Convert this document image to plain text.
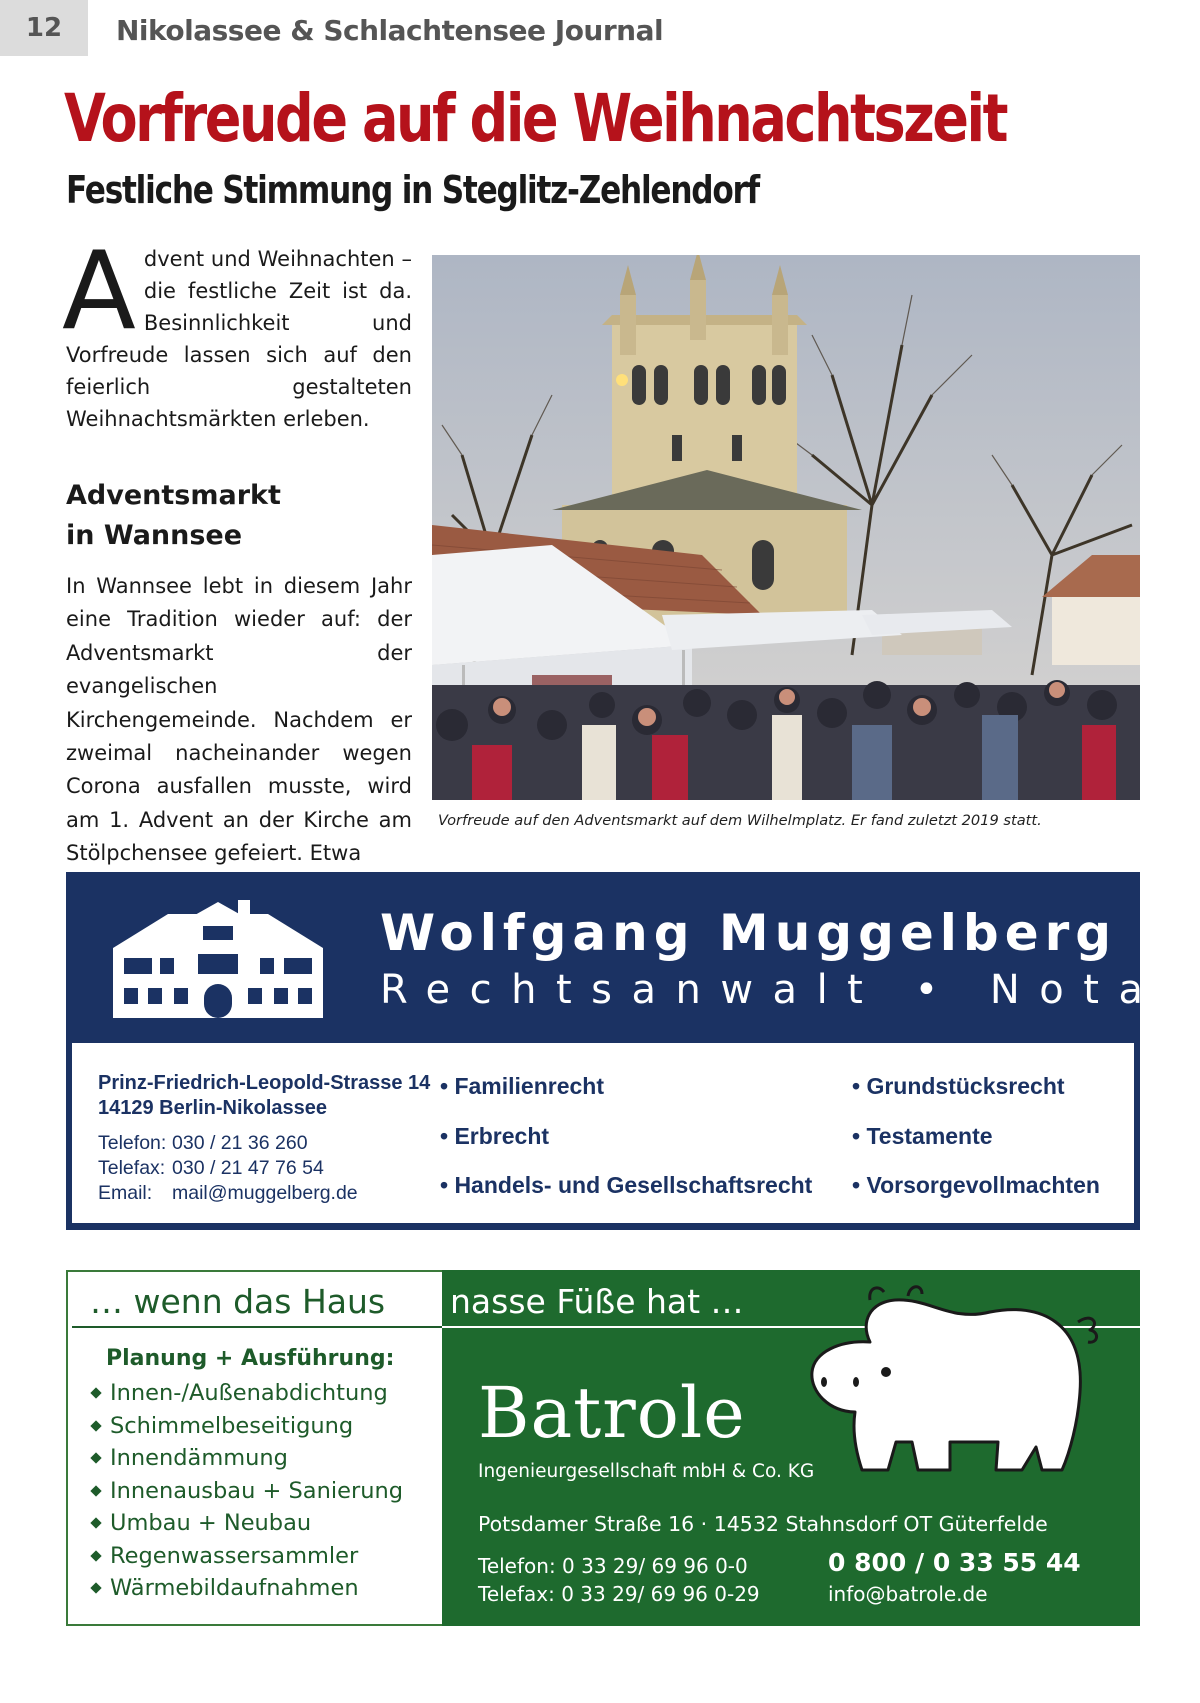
12	Nikolassee & Schlachtensee Journal
Vorfreude auf die Weihnachtszeit
Festliche Stimmung in Steglitz-Zehlendorf
A dvent und Weihnachten – die festliche Zeit ist da. Besinnlichkeit und Vorfreude lassen sich auf den feierlich gestalteten Weihnachtsmärkten erleben.
Adventsmarkt
in Wannsee
In Wannsee lebt in diesem Jahr eine Tradition wieder auf: der Adventsmarkt der evangelischen Kirchengemeinde. Nachdem er zweimal nacheinander wegen Corona ausfallen musste, wird am 1. Advent an der Kirche am Stölpchensee gefeiert. Etwa
Vorfreude auf den Adventsmarkt auf dem Wilhelmplatz. Er fand zuletzt 2019 statt.
Wolfgang Muggelberg
Rechtsanwalt • Notar
Prinz-Friedrich-Leopold-Strasse 14
14129 Berlin-Nikolassee
Telefon:	030 / 21 36 260
Telefax:	030 / 21 47 76 54
Email:	mail@muggelberg.de
• Familienrecht	• Grundstücksrecht
• Erbrecht	• Testamente
• Handels- und Gesellschaftsrecht • Vorsorgevollmachten
… wenn das Haus nasse Füße hat …
Planung + Ausführung:
Innen-/Außenabdichtung
Schimmelbeseitigung
Innendämmung
Innenausbau + Sanierung
Umbau + Neubau
Regenwassersammler
Wärmebildaufnahmen
Batrole
Ingenieurgesellschaft mbH & Co. KG
Potsdamer Straße 16 · 14532 Stahnsdorf OT Güterfelde
Telefon: 0 33 29/ 69 96 0-0
Telefax: 0 33 29/ 69 96 0-29
0 800 / 0 33 55 44
info@batrole.de
